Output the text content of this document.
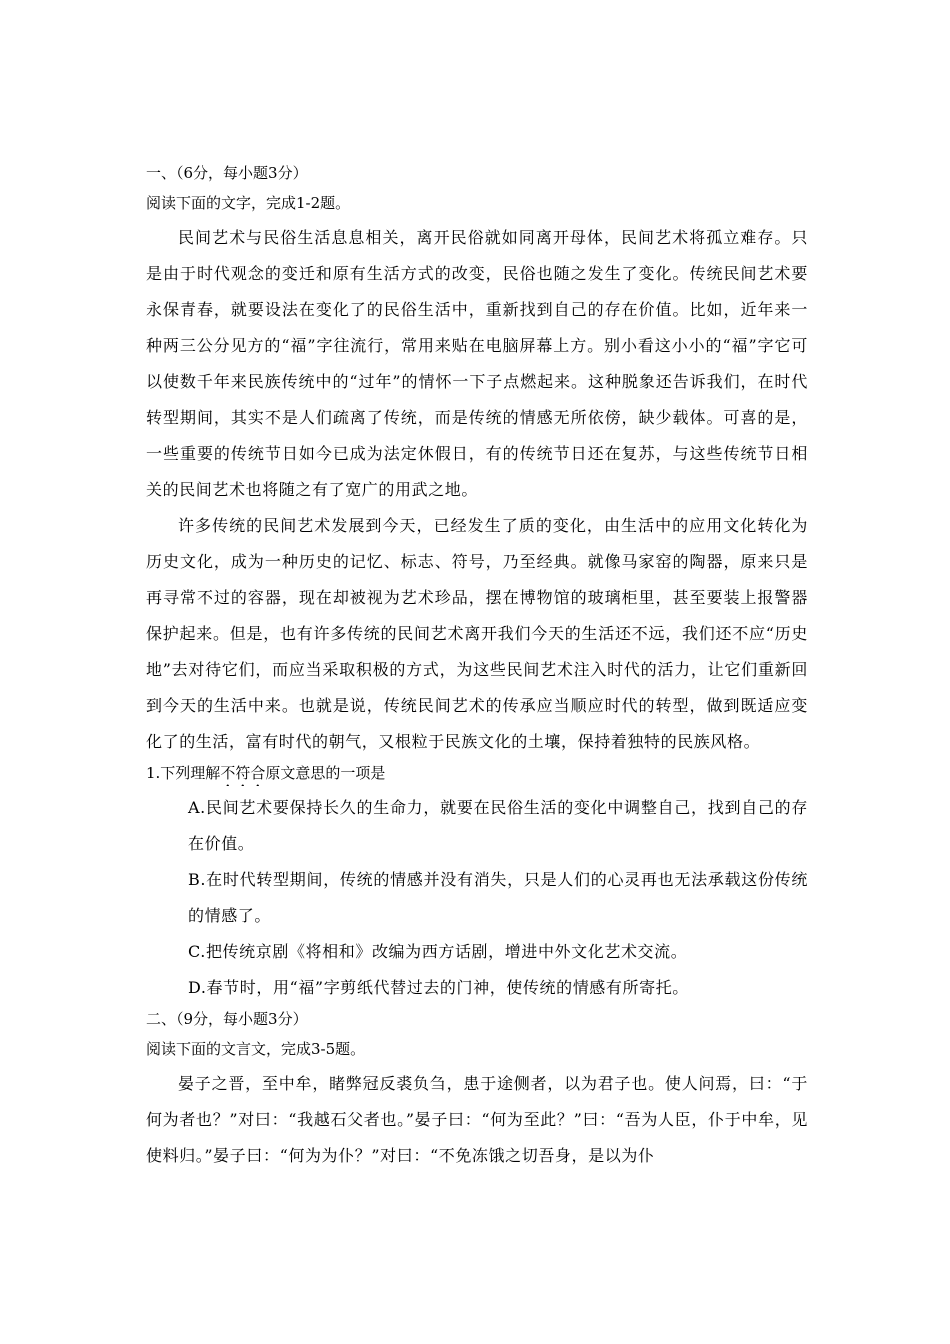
一、（6分，每小题3分）
阅读下面的文字，完成1-2题。
民间艺术与民俗生活息息相关，离开民俗就如同离开母体，民间艺术将孤立难存。只是由于时代观念的变迁和原有生活方式的改变，民俗也随之发生了变化。传统民间艺术要永保青春，就要设法在变化了的民俗生活中，重新找到自己的存在价值。比如，近年来一种两三公分见方的“福”字往流行，常用来贴在电脑屏幕上方。别小看这小小的“福”字它可以使数千年来民族传统中的“过年”的情怀一下子点燃起来。这种脱象还告诉我们，在时代转型期间，其实不是人们疏离了传统，而是传统的情感无所依傍，缺少载体。可喜的是，一些重要的传统节日如今已成为法定休假日，有的传统节日还在复苏，与这些传统节日相关的民间艺术也将随之有了宽广的用武之地。
许多传统的民间艺术发展到今天，已经发生了质的变化，由生活中的应用文化转化为历史文化，成为一种历史的记忆、标志、符号，乃至经典。就像马家窑的陶器，原来只是再寻常不过的容器，现在却被视为艺术珍品，摆在博物馆的玻璃柜里，甚至要装上报警器保护起来。但是，也有许多传统的民间艺术离开我们今天的生活还不远，我们还不应“历史地”去对待它们，而应当采取积极的方式，为这些民间艺术注入时代的活力，让它们重新回到今天的生活中来。也就是说，传统民间艺术的传承应当顺应时代的转型，做到既适应变化了的生活，富有时代的朝气，又根粒于民族文化的土壤，保持着独特的民族风格。
1.下列理解不符合原文意思的一项是
A.民间艺术要保持长久的生命力，就要在民俗生活的变化中调整自己，找到自己的存在价值。
B.在时代转型期间，传统的情感并没有消失，只是人们的心灵再也无法承载这份传统的情感了。
C.把传统京剧《将相和》改编为西方话剧，增进中外文化艺术交流。
D.春节时，用“福”字剪纸代替过去的门神，使传统的情感有所寄托。
二、（9分，每小题3分）
阅读下面的文言文，完成3-5题。
晏子之晋，至中牟，睹弊冠反裘负刍，患于途侧者，以为君子也。使人问焉，曰：“于何为者也？”对曰：“我越石父者也。”晏子曰：“何为至此？”曰：“吾为人臣，仆于中牟，见使料归。”晏子曰：“何为为仆？”对曰：“不免冻饿之切吾身，是以为仆
